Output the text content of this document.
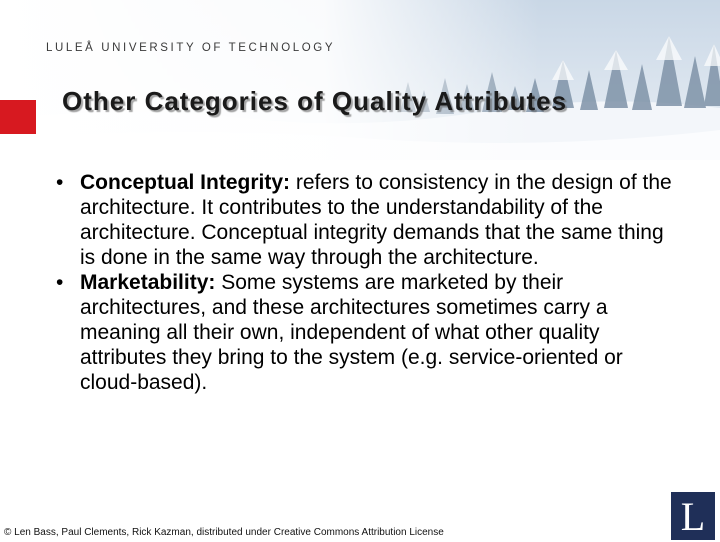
LULEÅ UNIVERSITY OF TECHNOLOGY
Other Categories of Quality Attributes
• Conceptual Integrity: refers to consistency in the design of the architecture. It contributes to the understandability of the architecture. Conceptual integrity demands that the same thing is done in the same way through the architecture.
• Marketability: Some systems are marketed by their architectures, and these architectures sometimes carry a meaning all their own, independent of what other quality attributes they bring to the system (e.g. service-oriented or cloud-based).
© Len Bass, Paul Clements, Rick Kazman, distributed under Creative Commons Attribution License	L
